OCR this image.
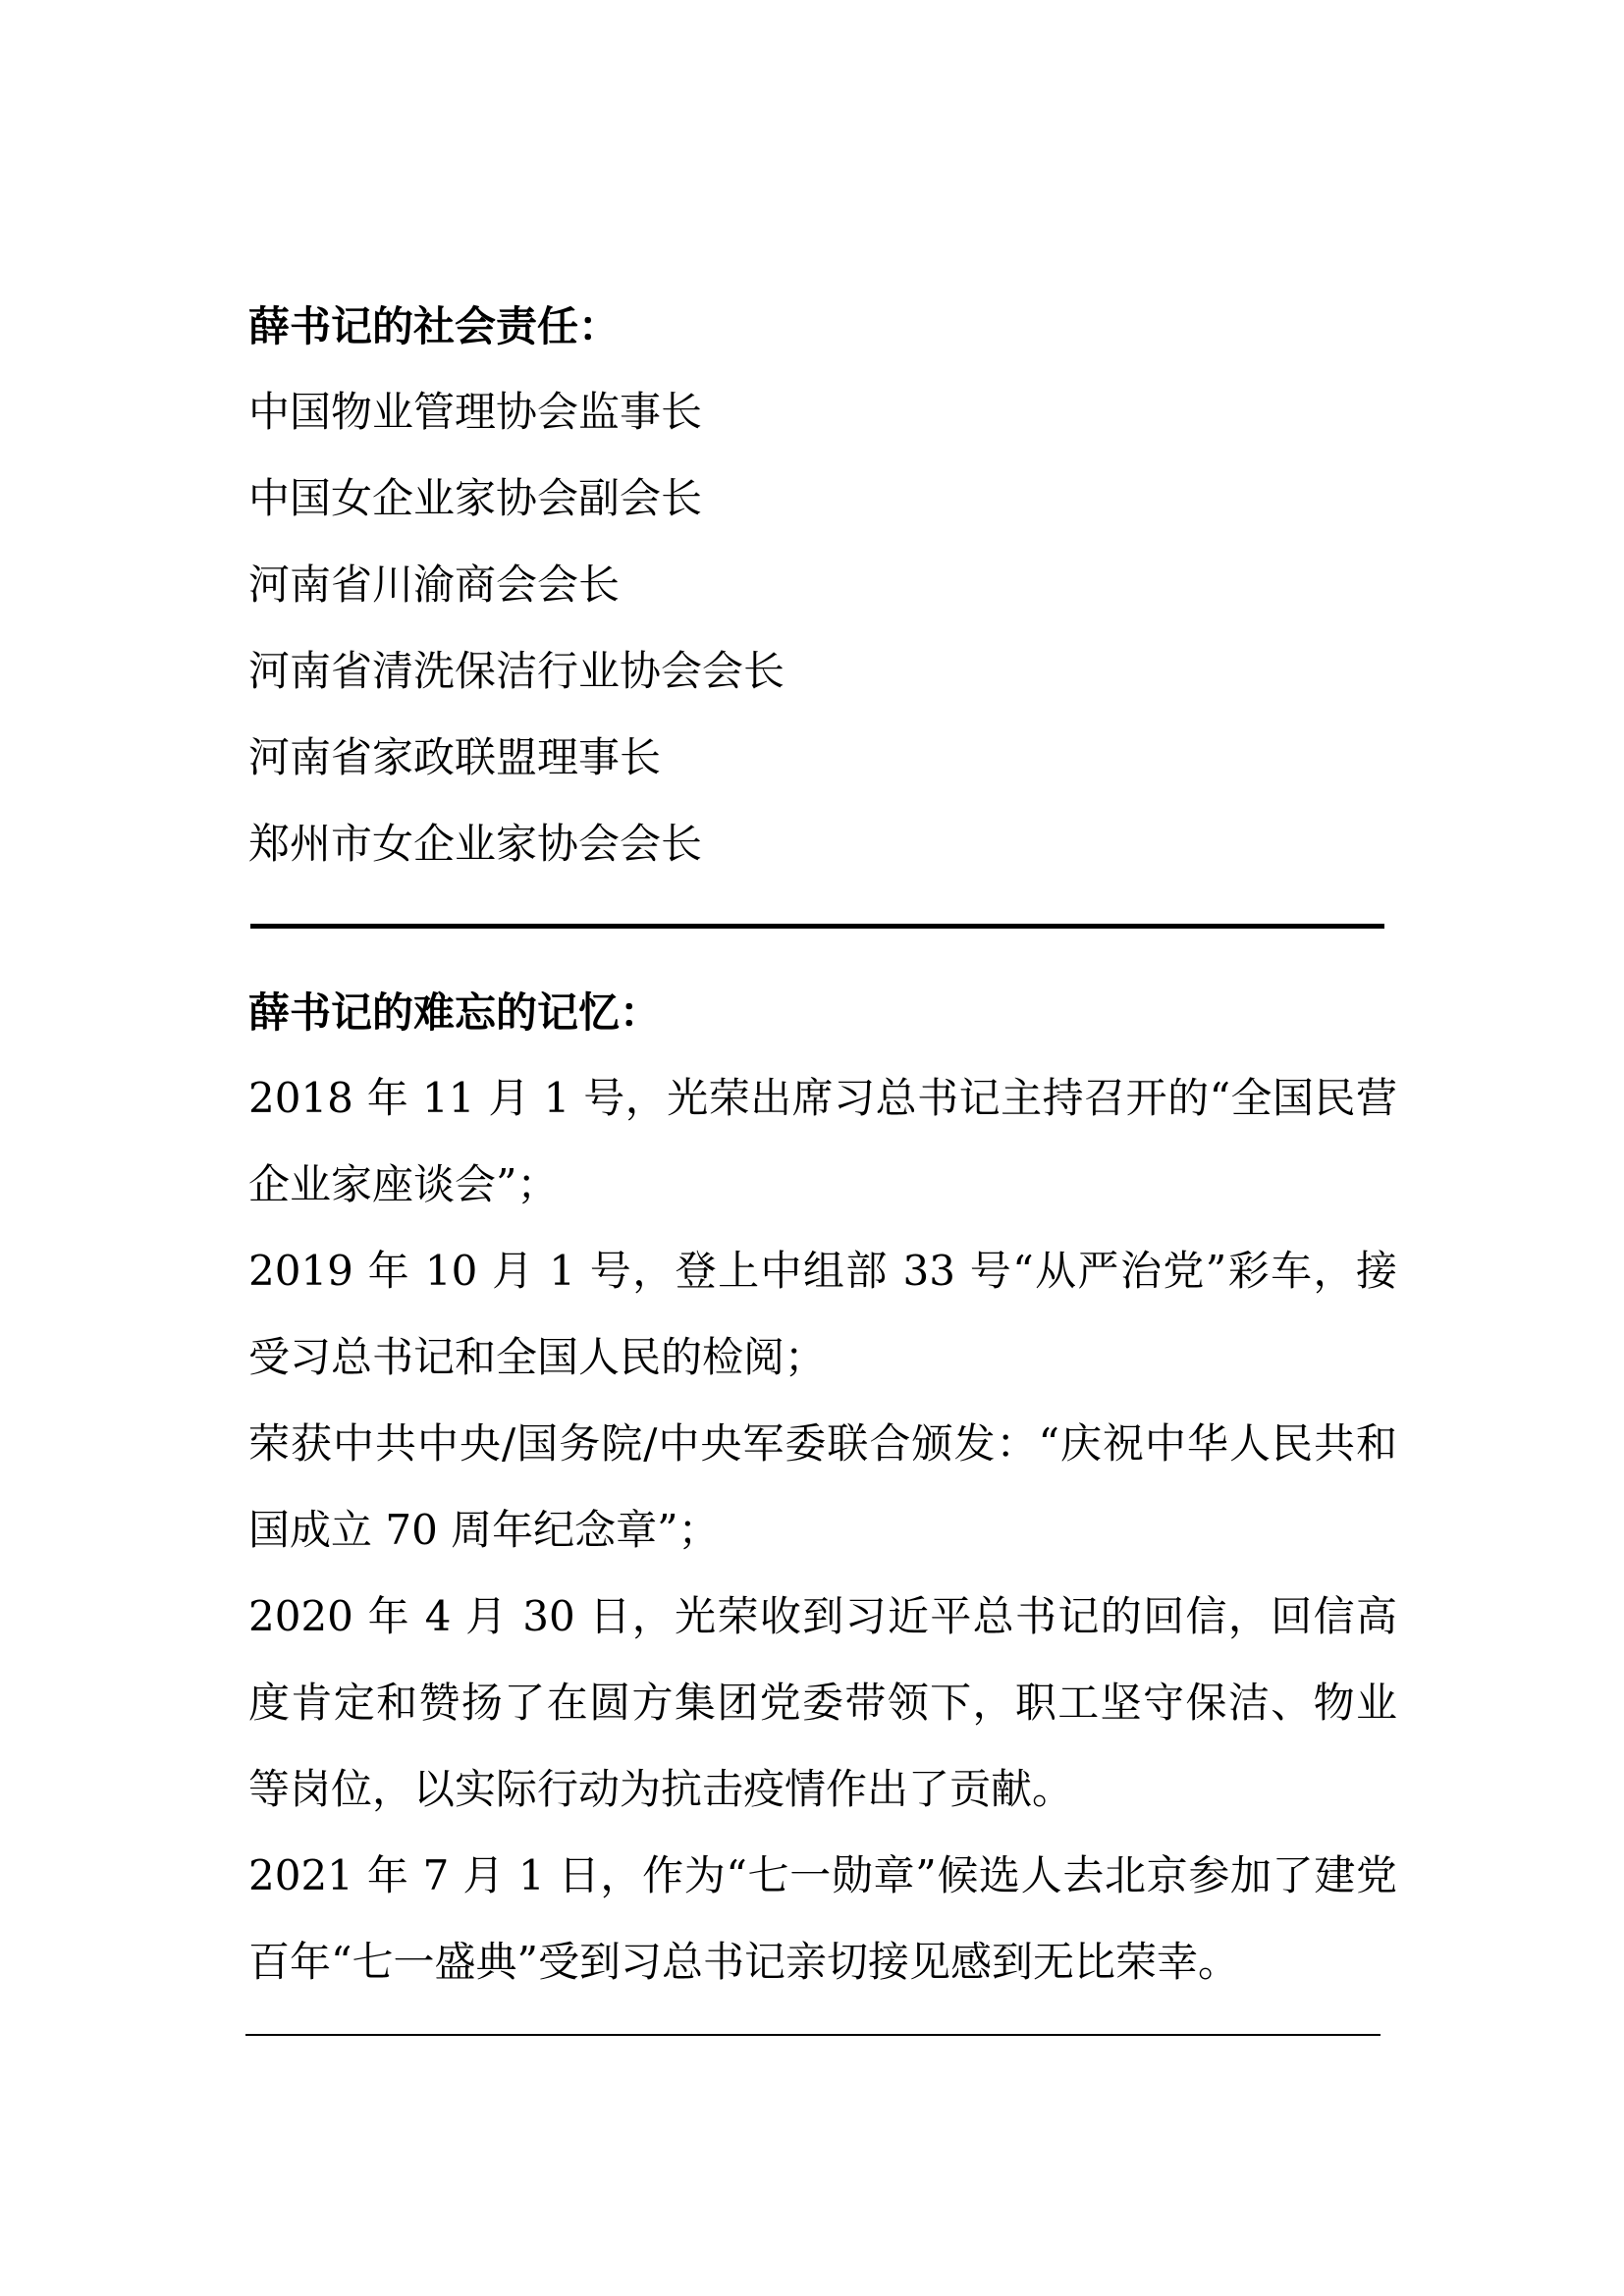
薛书记的社会责任：
中国物业管理协会监事长
中国女企业家协会副会长
河南省川渝商会会长
河南省清洗保洁行业协会会长
河南省家政联盟理事长
郑州市女企业家协会会长
薛书记的难忘的记忆：
2018 年 11 月 1 号，光荣出席习总书记主持召开的“全国民营企业家座谈会”；
2019 年 10 月 1 号，登上中组部 33 号“从严治党”彩车，接受习总书记和全国人民的检阅；
荣获中共中央/国务院/中央军委联合颁发：“庆祝中华人民共和国成立 70 周年纪念章”；
2020 年 4 月 30 日，光荣收到习近平总书记的回信，回信高度肯定和赞扬了在圆方集团党委带领下，职工坚守保洁、物业等岗位，以实际行动为抗击疫情作出了贡献。
2021 年 7 月 1 日，作为“七一勋章”候选人去北京参加了建党百年“七一盛典”受到习总书记亲切接见感到无比荣幸。
